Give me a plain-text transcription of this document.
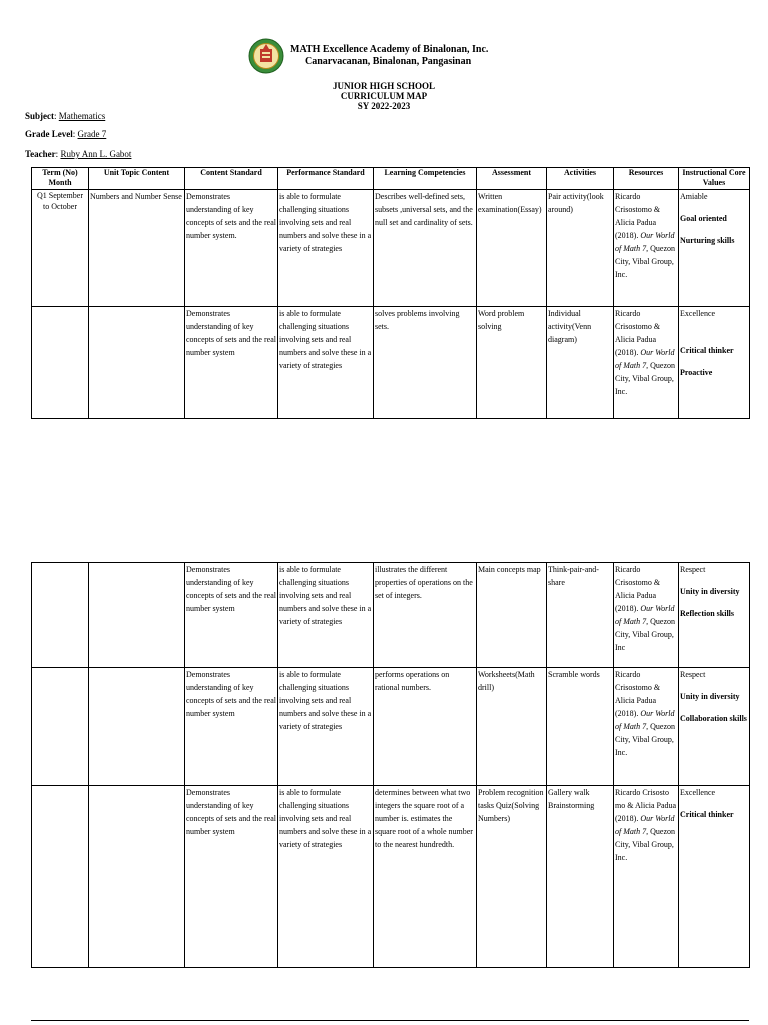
MATH Excellence Academy of Binalonan, Inc.
Canarvacanan, Binalonan, Pangasinan
JUNIOR HIGH SCHOOL
CURRICULUM MAP
SY 2022-2023
Subject: Mathematics
Grade Level: Grade 7
Teacher: Ruby Ann L. Gabot
Term (No) Month	Unit Topic Content	Content Standard	Performance Standard	Learning Competencies	Assessment	Activities	Resources	Instructional Core Values
Q1 September to October	Numbers and Number Sense	Demonstrates understanding of key concepts of sets and the real number system.	is able to formulate challenging situations involving sets and real numbers and solve these in a variety of strategies	Describes well-defined sets, subsets ,universal sets, and the null set and cardinality of sets.	Written examination(Essay)	Pair activity(look around)	Ricardo Crisostomo & Alicia Padua (2018). Our World of Math 7, Quezon City, Vibal Group, Inc.	Amiable
Goal oriented
Nurturing skills

		Demonstrates understanding of key concepts of sets and the real number system	is able to formulate challenging situations involving sets and real numbers and solve these in a variety of strategies	solves problems involving sets.	Word problem solving	Individual activity(Venn diagram)	Ricardo Crisostomo & Alicia Padua (2018). Our World of Math 7, Quezon City, Vibal Group, Inc.	Excellence
Critical thinker
Proactive
		Demonstrates understanding of key concepts of sets and the real number system	is able to formulate challenging situations involving sets and real numbers and solve these in a variety of strategies	illustrates the different properties of operations on the set of integers.	Main concepts map	Think-pair-and-share	Ricardo Crisostomo & Alicia Padua (2018). Our World of Math 7, Quezon City, Vibal Group, Inc	Respect
Unity in diversity
Reflection skills

		Demonstrates understanding of key concepts of sets and the real number system	is able to formulate challenging situations involving sets and real numbers and solve these in a variety of strategies	performs operations on rational numbers.	Worksheets(Math drill)	Scramble words	Ricardo Crisostomo & Alicia Padua (2018). Our World of Math 7, Quezon City, Vibal Group, Inc.	Respect
Unity in diversity
Collaboration skills

		Demonstrates understanding of key concepts of sets and the real number system	is able to formulate challenging situations involving sets and real numbers and solve these in a variety of strategies	determines between what two integers the square root of a number is. estimates the square root of a whole number to the nearest hundredth.	Problem recognition tasks Quiz(Solving Numbers)	Gallery walk Brainstorming	Ricardo Crisosto mo & Alicia Padua (2018). Our World of Math 7, Quezon City, Vibal Group, Inc.	Excellence
Critical thinker
